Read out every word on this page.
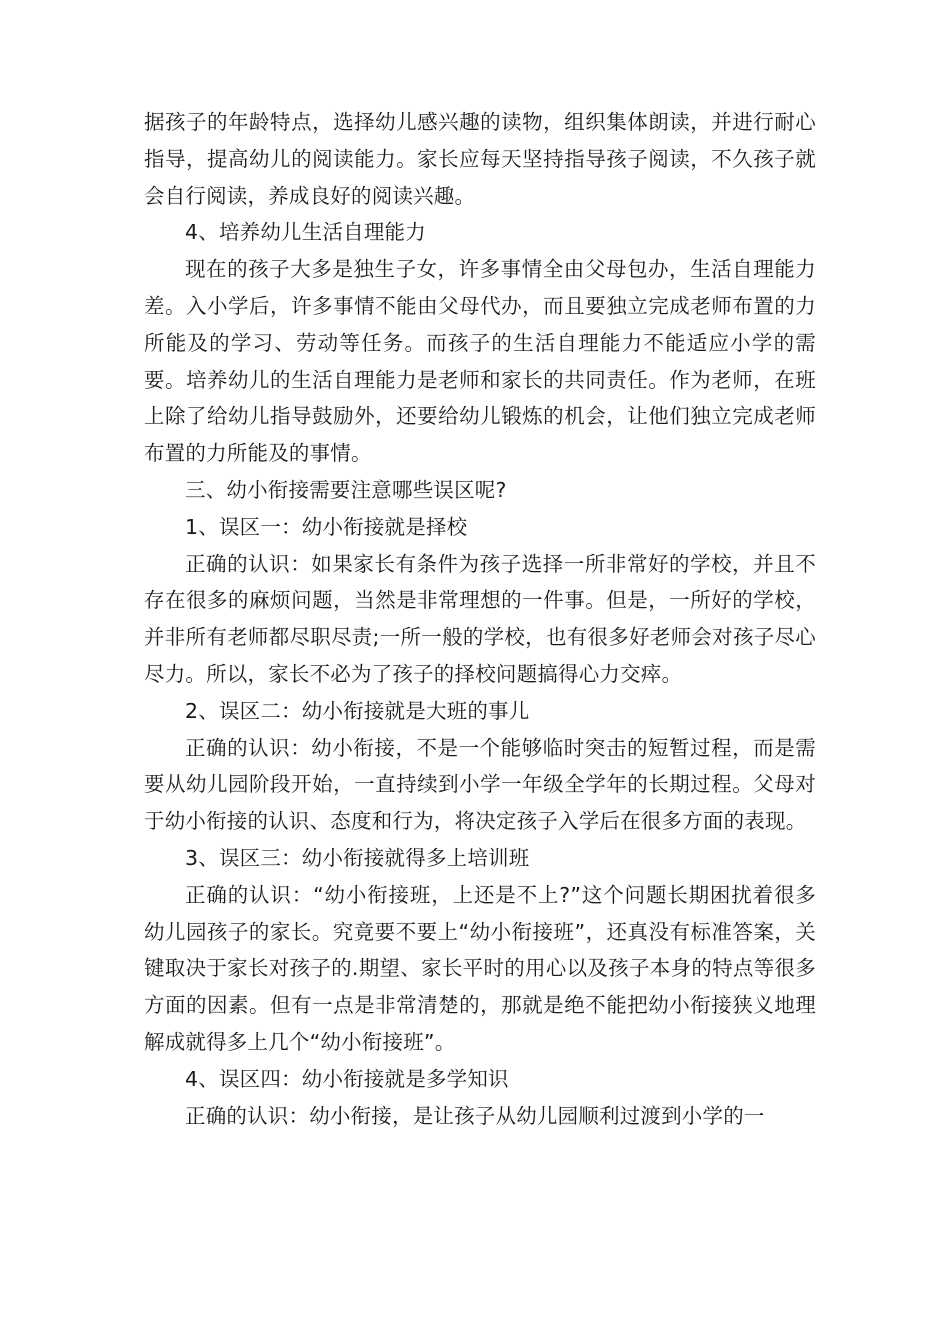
据孩子的年龄特点，选择幼儿感兴趣的读物，组织集体朗读，并进行耐心指导，提高幼儿的阅读能力。家长应每天坚持指导孩子阅读，不久孩子就会自行阅读，养成良好的阅读兴趣。

4、培养幼儿生活自理能力

现在的孩子大多是独生子女，许多事情全由父母包办，生活自理能力差。入小学后，许多事情不能由父母代办，而且要独立完成老师布置的力所能及的学习、劳动等任务。而孩子的生活自理能力不能适应小学的需要。培养幼儿的生活自理能力是老师和家长的共同责任。作为老师，在班上除了给幼儿指导鼓励外，还要给幼儿锻炼的机会，让他们独立完成老师布置的力所能及的事情。

三、幼小衔接需要注意哪些误区呢?

1、误区一：幼小衔接就是择校

正确的认识：如果家长有条件为孩子选择一所非常好的学校，并且不存在很多的麻烦问题，当然是非常理想的一件事。但是，一所好的学校，并非所有老师都尽职尽责;一所一般的学校，也有很多好老师会对孩子尽心尽力。所以，家长不必为了孩子的择校问题搞得心力交瘁。

2、误区二：幼小衔接就是大班的事儿

正确的认识：幼小衔接，不是一个能够临时突击的短暂过程，而是需要从幼儿园阶段开始，一直持续到小学一年级全学年的长期过程。父母对于幼小衔接的认识、态度和行为，将决定孩子入学后在很多方面的表现。

3、误区三：幼小衔接就得多上培训班

正确的认识：“幼小衔接班，上还是不上?”这个问题长期困扰着很多幼儿园孩子的家长。究竟要不要上“幼小衔接班”，还真没有标准答案，关键取决于家长对孩子的.期望、家长平时的用心以及孩子本身的特点等很多方面的因素。但有一点是非常清楚的，那就是绝不能把幼小衔接狭义地理解成就得多上几个“幼小衔接班”。

4、误区四：幼小衔接就是多学知识

正确的认识：幼小衔接，是让孩子从幼儿园顺利过渡到小学的一
